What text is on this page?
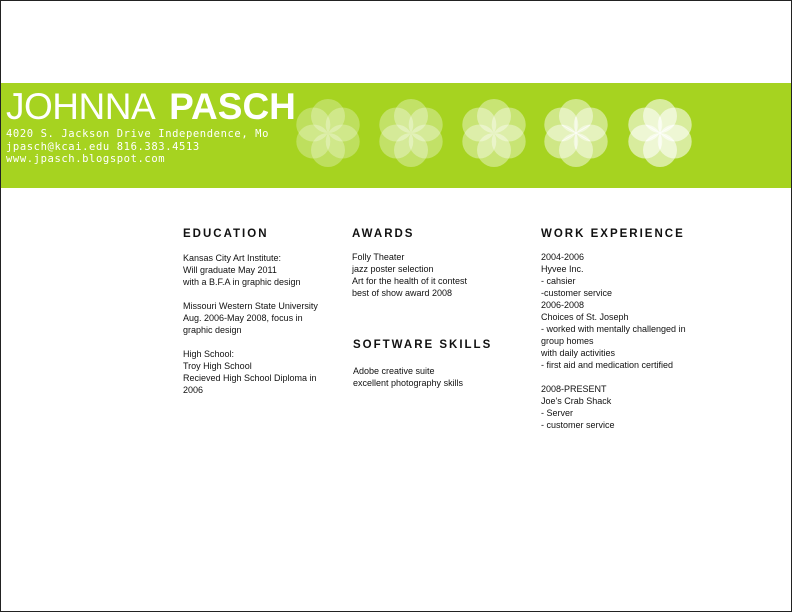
JOHNNA PASCH
4020 S. Jackson Drive Independence, Mo
jpasch@kcai.edu 816.383.4513
www.jpasch.blogspot.com
EDUCATION
Kansas City Art Institute:
Will graduate May 2011
with a B.F.A in graphic design
Missouri Western State University
Aug. 2006-May 2008, focus in
graphic design
High School:
Troy High School
Recieved High School Diploma in
2006
AWARDS
Folly Theater
jazz poster selection
Art for the health of it contest
best of show award 2008
SOFTWARE SKILLS
Adobe creative suite
excellent photography skills
WORK EXPERIENCE
2004-2006
Hyvee Inc.
- cahsier
-customer service
2006-2008
Choices of St. Joseph
- worked with mentally challenged in
group homes
with daily activities
- first aid and medication certified
2008-PRESENT
Joe's Crab Shack
- Server
- customer service
